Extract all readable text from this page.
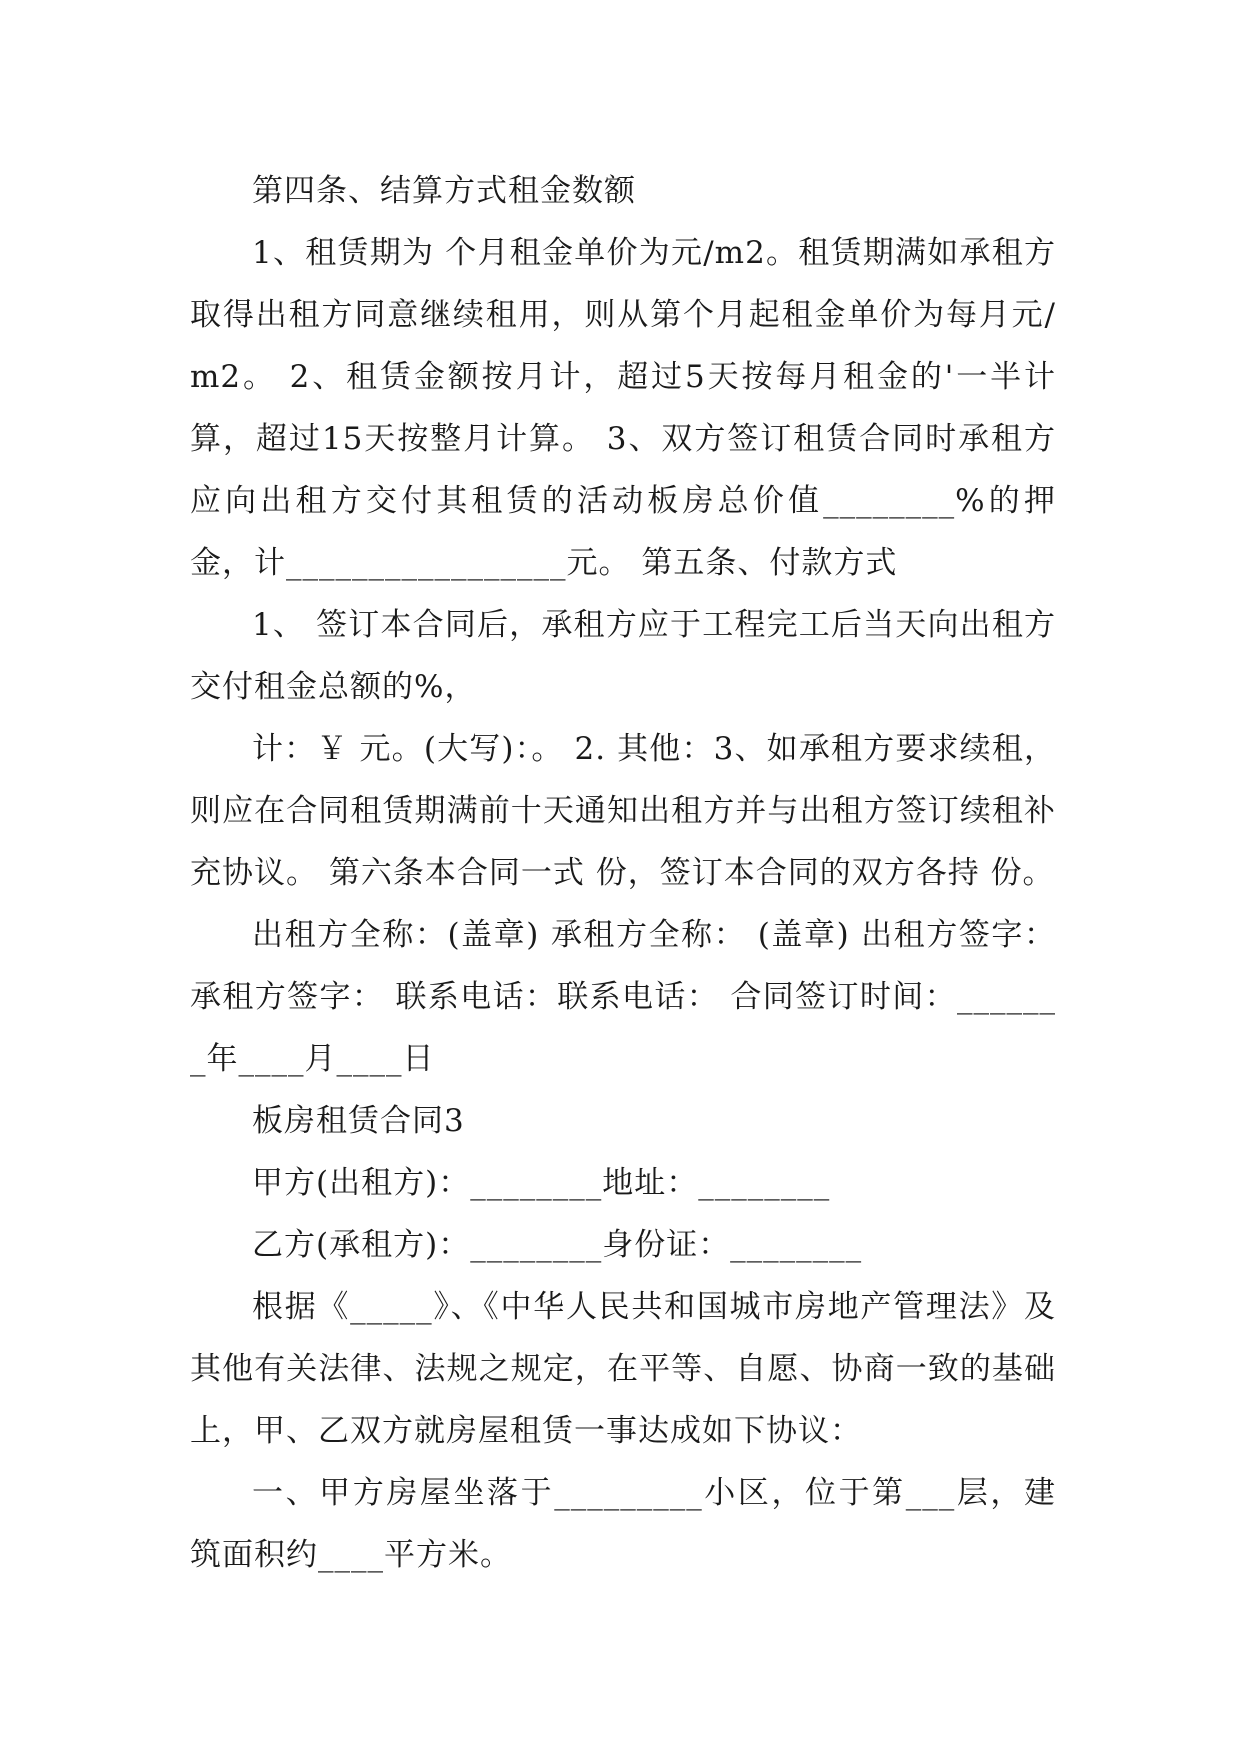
第四条、结算方式租金数额

1、租赁期为 个月租金单价为元/m2。租赁期满如承租方取得出租方同意继续租用，则从第个月起租金单价为每月元/m2。 2、租赁金额按月计，超过5天按每月租金的'一半计算，超过15天按整月计算。 3、双方签订租赁合同时承租方应向出租方交付其租赁的活动板房总价值________%的押金，计_________________元。 第五条、付款方式

1、 签订本合同后，承租方应于工程完工后当天向出租方交付租金总额的%，

计：￥ 元。(大写)：。 2. 其他：3、如承租方要求续租，则应在合同租赁期满前十天通知出租方并与出租方签订续租补充协议。 第六条本合同一式 份，签订本合同的双方各持 份。

出租方全称：(盖章) 承租方全称： (盖章) 出租方签字： 承租方签字： 联系电话：联系电话： 合同签订时间：_______年____月____日

板房租赁合同3

甲方(出租方)：________地址：________

乙方(承租方)：________身份证：________

根据《_____》、《中华人民共和国城市房地产管理法》及其他有关法律、法规之规定，在平等、自愿、协商一致的基础上，甲、乙双方就房屋租赁一事达成如下协议：

一、甲方房屋坐落于_________小区，位于第___层，建筑面积约____平方米。
